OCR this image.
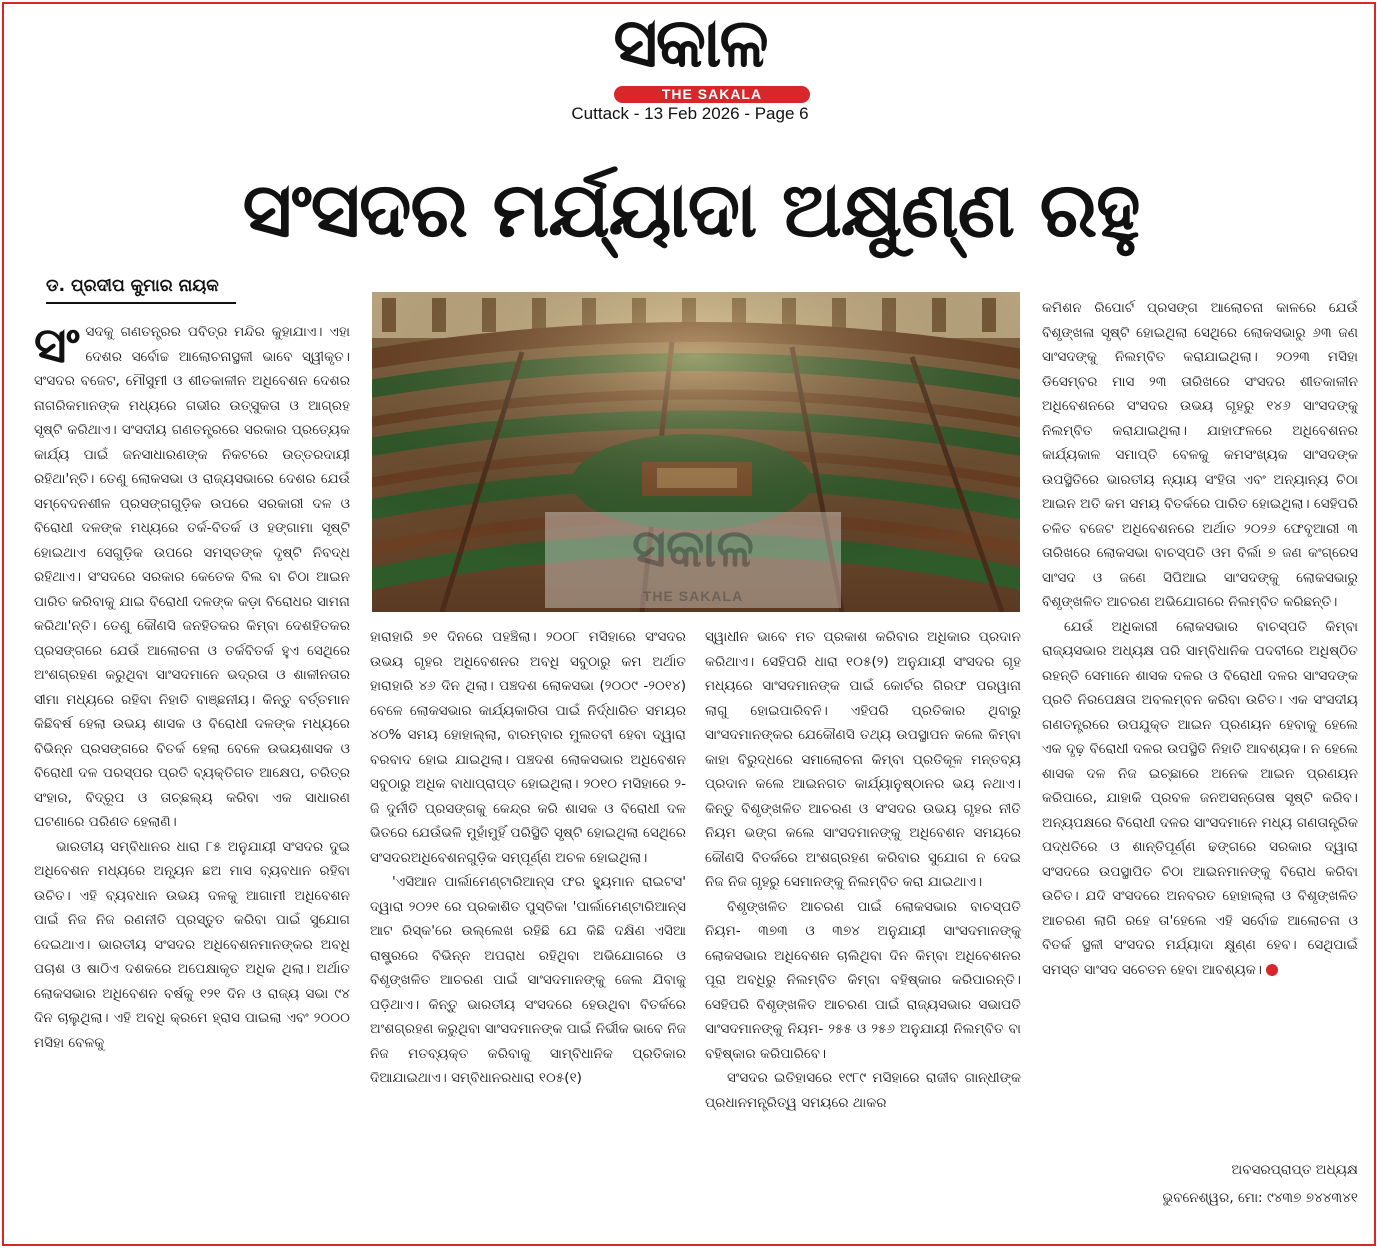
ସକାଳ
THE SAKALA
Cuttack - 13 Feb 2026 - Page 6
ସଂସଦର ମର୍ଯ୍ୟାଦା ଅକ୍ଷୁଣ୍ଣ ରହୁ
ଡ. ପ୍ରଦୀପ କୁମାର ନାୟକ

ସଂସଦକୁ ଗଣତନ୍ତ୍ରର ପବିତ୍ର ମନ୍ଦିର କୁହାଯାଏ। ଏହା ଦେଶର ସର୍ବୋଚ୍ଚ ଆଲୋଚନାସ୍ଥଳୀ ଭାବେ ସ୍ୱୀକୃତ। ସଂସଦର ବଜେଟ, ମୌସୁମୀ ଓ ଶୀତକାଳୀନ ଅଧିବେଶନ ଦେଶର ନାଗରିକମାନଙ୍କ ମଧ୍ୟରେ ଗଭୀର ଉତ୍ସୁକତା ଓ ଆଗ୍ରହ ସୃଷ୍ଟି କରିଥାଏ। ସଂସଦୀୟ ଗଣତନ୍ତ୍ରରେ ସରକାର ପ୍ରତ୍ୟେକ କାର୍ଯ୍ୟ ପାଇଁ ଜନସାଧାରଣଙ୍କ ନିକଟରେ ଉତ୍ତରଦାୟୀ ରହିଥା'ନ୍ତି। ତେଣୁ ଲୋକସଭା ଓ ରାଜ୍ୟସଭାରେ ଦେଶର ଯେଉଁ ସମ୍ବେଦନଶୀଳ ପ୍ରସଙ୍ଗଗୁଡ଼ିକ ଉପରେ ସରକାରୀ ଦଳ ଓ ବିରୋଧୀ ଦଳଙ୍କ ମଧ୍ୟରେ ତର୍କ-ବିତର୍କ ଓ ହଙ୍ଗାମା ସୃଷ୍ଟି ହୋଇଥାଏ ସେଗୁଡ଼ିକ ଉପରେ ସମସ୍ତଙ୍କ ଦୃଷ୍ଟି ନିବଦ୍ଧ ରହିଥାଏ। ସଂସଦରେ ସରକାର କେତେକ ବିଲ ବା ଚିଠା ଆଇନ ପାରିତ କରିବାକୁ ଯାଇ ବିରୋଧୀ ଦଳଙ୍କ କଡ଼ା ବିରୋଧର ସାମନା କରିଥା'ନ୍ତି। ତେଣୁ କୌଣସି ଜନହିତକର କିମ୍ବା ଦେଶହିତକର ପ୍ରସଙ୍ଗରେ ଯେଉଁ ଆଲୋଚନା ଓ ତର୍କବିତର୍କ ହୁଏ ସେଥିରେ ଅଂଶଗ୍ରହଣ କରୁଥିବା ସାଂସଦମାନେ ଭଦ୍ରତା ଓ ଶାଳୀନତାର ସୀମା ମଧ୍ୟରେ ରହିବା ନିହାତି ବାଞ୍ଛନୀୟ। କିନ୍ତୁ ବର୍ତ୍ତମାନ କିଛିବର୍ଷ ହେଲା ଉଭୟ ଶାସକ ଓ ବିରୋଧୀ ଦଳଙ୍କ ମଧ୍ୟରେ ବିଭିନ୍ନ ପ୍ରସଙ୍ଗରେ ବିତର୍କ ହେଲା ବେଳେ ଉଭୟଶାସକ ଓ ବିରୋଧୀ ଦଳ ପରସ୍ପର ପ୍ରତି ବ୍ୟକ୍ତିଗତ ଆକ୍ଷେପ, ଚରିତ୍ର ସଂହାର, ବିଦ୍ରୂପ ଓ ତାଚ୍ଛଲ୍ୟ କରିବା ଏକ ସାଧାରଣ ଘଟଣାରେ ପରିଣତ ହେଲାଣି।

ଭାରତୀୟ ସମ୍ବିଧାନର ଧାରା ୮୫ ଅନୁଯାୟୀ ସଂସଦର ଦୁଇ ଅଧିବେଶନ ମଧ୍ୟରେ ଅନ୍ୟୂନ ଛଅ ମାସ ବ୍ୟବଧାନ ରହିବା ଉଚିତ। ଏହି ବ୍ୟବଧାନ ଉଭୟ ଦଳକୁ ଆଗାମୀ ଅଧିବେଶନ ପାଇଁ ନିଜ ନିଜ ରଣନୀତି ପ୍ରସ୍ତୁତ କରିବା ପାଇଁ ସୁଯୋଗ ଦେଇଥାଏ। ଭାରତୀୟ ସଂସଦର ଅଧିବେଶନମାନଙ୍କର ଅବଧି ପଚାଶ ଓ ଷାଠିଏ ଦଶକରେ ଅପେକ୍ଷାକୃତ ଅଧିକ ଥିଲା। ଅର୍ଥାତ ଲୋକସଭାର ଅଧିବେଶନ ବର୍ଷକୁ ୧୨୧ ଦିନ ଓ ରାଜ୍ୟ ସଭା ୯୪ ଦିନ ଚାଲୁଥିଲା। ଏହି ଅବଧି କ୍ରମେ ହ୍ରାସ ପାଇଲା ଏବଂ ୨୦୦୦ ମସିହା ବେଳକୁ

ସକାଳ
THE SAKALA

ହାରାହାରି ୭୧ ଦିନରେ ପହଞ୍ଚିଲା। ୨୦୦୮ ମସିହାରେ ସଂସଦର ଉଭୟ ଗୃହର ଅଧିବେଶନର ଅବଧି ସବୁଠାରୁ କମ ଅର୍ଥାତ ହାରାହାରି ୪୬ ଦିନ ଥିଲା। ପଞ୍ଚଦଶ ଲୋକସଭା (୨୦୦୯ -୨୦୧୪) ବେଳେ ଲୋକସଭାର କାର୍ଯ୍ୟକାରିତା ପାଇଁ ନିର୍ଦ୍ଧାରିତ ସମୟର ୪୦% ସମୟ ହୋହାଲ୍ଲା, ବାରମ୍ବାର ମୁଲତବୀ ହେବା ଦ୍ୱାରା ବରବାଦ ହୋଇ ଯାଇଥିଲା। ପଞ୍ଚଦଶ ଲୋକସଭାର ଅଧିବେଶନ ସବୁଠାରୁ ଅଧିକ ବାଧାପ୍ରାପ୍ତ ହୋଇଥିଲା। ୨୦୧୦ ମସିହାରେ ୨-ଜି ଦୁର୍ନୀତି ପ୍ରସଙ୍ଗକୁ କେନ୍ଦ୍ର କରି ଶାସକ ଓ ବିରୋଧୀ ଦଳ ଭିତରେ ଯେଉଁଭଳି ମୁହାଁମୁହିଁ ପରିସ୍ଥିତି ସୃଷ୍ଟି ହୋଇଥିଲା ସେଥିରେ ସଂସଦରଅଧିବେଶନଗୁଡ଼ିକ ସମ୍ପୂର୍ଣ୍ଣ ଅଚଳ ହୋଇଥିଲା।

'ଏସିଆନ ପାର୍ଲାମେଣ୍ଟାରିଆନ୍ସ ଫର ହ୍ୟୁମାନ ରାଇଟସ' ଦ୍ୱାରା ୨୦୨୧ ରେ ପ୍ରକାଶିତ ପୁସ୍ତିକା 'ପାର୍ଲାମେଣ୍ଟାରିଆନ୍ସ ଆଟ ରିସ୍କ'ରେ ଉଲ୍ଲେଖ ରହିଛି ଯେ କିଛି ଦକ୍ଷିଣ ଏସିଆ ରାଷ୍ଟ୍ରରେ ବିଭିନ୍ନ ଅପରାଧ ରହିଥିବା ଅଭିଯୋଗରେ ଓ ବିଶୃଙ୍ଖଳିତ ଆଚରଣ ପାଇଁ ସାଂସଦମାନଙ୍କୁ ଜେଲ ଯିବାକୁ ପଡ଼ିଥାଏ। କିନ୍ତୁ ଭାରତୀୟ ସଂସଦରେ ହେଉଥିବା ବିତର୍କରେ ଅଂଶଗ୍ରହଣ କରୁଥିବା ସାଂସଦମାନଙ୍କ ପାଇଁ ନିର୍ଭୀକ ଭାବେ ନିଜ ନିଜ ମତବ୍ୟକ୍ତ କରିବାକୁ ସାମ୍ବିଧାନିକ ପ୍ରତିକାର ଦିଆଯାଇଥାଏ। ସମ୍ବିଧାନରଧାରା ୧୦୫(୧)

ସ୍ୱାଧୀନ ଭାବେ ମତ ପ୍ରକାଶ କରିବାର ଅଧିକାର ପ୍ରଦାନ କରିଥାଏ। ସେହିପରି ଧାରା ୧୦୫(୨) ଅନୁଯାୟୀ ସଂସଦର ଗୃହ ମଧ୍ୟରେ ସାଂସଦମାନଙ୍କ ପାଇଁ କୋର୍ଟର ଗିରଫ ପରୱାନା ଲାଗୁ ହୋଇପାରିବନି। ଏହିପରି ପ୍ରତିକାର ଥିବାରୁ ସାଂସଦମାନଙ୍କର ଯେକୌଣସି ତଥ୍ୟ ଉପସ୍ଥାପନ କଲେ କିମ୍ବା କାହା ବିରୁଦ୍ଧରେ ସମାଲୋଚନା କିମ୍ବା ପ୍ରତିକୂଳ ମନ୍ତବ୍ୟ ପ୍ରଦାନ କଲେ ଆଇନଗତ କାର୍ଯ୍ୟାନୁଷ୍ଠାନର ଭୟ ନଥାଏ। କିନ୍ତୁ ବିଶୃଙ୍ଖଳିତ ଆଚରଣ ଓ ସଂସଦର ଉଭୟ ଗୃହର ନୀତି ନିୟମ ଭଙ୍ଗ କଲେ ସାଂସଦମାନଙ୍କୁ ଅଧିବେଶନ ସମୟରେ କୌଣସି ବିତର୍କରେ ଅଂଶଗ୍ରହଣ କରିବାର ସୁଯୋଗ ନ ଦେଇ ନିଜ ନିଜ ଗୃହରୁ ସେମାନଙ୍କୁ ନିଲମ୍ବିତ କରା ଯାଇଥାଏ।

ବିଶୃଙ୍ଖଳିତ ଆଚରଣ ପାଇଁ ଲୋକସଭାର ବାଚସ୍ପତି ନିୟମ- ୩୭୩ ଓ ୩୭୪ ଅନୁଯାୟୀ ସାଂସଦମାନଙ୍କୁ ଲୋକସଭାର ଅଧିବେଶନ ଚାଲିଥିବା ଦିନ କିମ୍ବା ଅଧିବେଶନର ପୂରା ଅବଧିରୁ ନିଲମ୍ବିତ କିମ୍ବା ବହିଷ୍କାର କରିପାରନ୍ତି। ସେହିପରି ବିଶୃଙ୍ଖଳିତ ଆଚରଣ ପାଇଁ ରାଜ୍ୟସଭାର ସଭାପତି ସାଂସଦମାନଙ୍କୁ ନିୟମ- ୨୫୫ ଓ ୨୫୬ ଅନୁଯାୟୀ ନିଲମ୍ବିତ ବା ବହିଷ୍କାର କରିପାରିବେ।

ସଂସଦର ଇତିହାସରେ ୧୯୮୯ ମସିହାରେ ରାଜୀବ ଗାନ୍ଧୀଙ୍କ ପ୍ରଧାନମନ୍ତ୍ରିତ୍ୱ ସମୟରେ ଥାକର

କମିଶନ ରିପୋର୍ଟ ପ୍ରସଙ୍ଗ ଆଲୋଚନା କାଳରେ ଯେଉଁ ବିଶୃଙ୍ଖଳା ସୃଷ୍ଟି ହୋଇଥିଲା ସେଥିରେ ଲୋକସଭାରୁ ୬୩ ଜଣ ସାଂସଦଙ୍କୁ ନିଲମ୍ବିତ କରାଯାଇଥିଲା। ୨୦୨୩ ମସିହା ଡିସେମ୍ବର ମାସ ୨୩ ତାରିଖରେ ସଂସଦର ଶୀତକାଳୀନ ଅଧିବେଶନରେ ସଂସଦର ଉଭୟ ଗୃହରୁ ୧୪୬ ସାଂସଦଙ୍କୁ ନିଲମ୍ବିତ କରାଯାଇଥିଲା। ଯାହାଫଳରେ ଅଧିବେଶନର କାର୍ଯ୍ୟକାଳ ସମାପ୍ତି ବେଳକୁ କମସଂଖ୍ୟକ ସାଂସଦଙ୍କ ଉପସ୍ଥିତିରେ ଭାରତୀୟ ନ୍ୟାୟ ସଂହିତା ଏବଂ ଅନ୍ୟାନ୍ୟ ଚିଠା ଆଇନ ଅତି କମ ସମୟ ବିତର୍କରେ ପାରିତ ହୋଇଥିଲା। ସେହିପରି ଚଳିତ ବଜେଟ ଅଧିବେଶନରେ ଅର୍ଥାତ ୨୦୨୬ ଫେବୃଆରୀ ୩ ତାରିଖରେ ଲୋକସଭା ବାଚସ୍ପତି ଓମ ବିର୍ଲା ୭ ଜଣ କଂଗ୍ରେସ ସାଂସଦ ଓ ଜଣେ ସିପିଆଇ ସାଂସଦଙ୍କୁ ଲୋକସଭାରୁ ବିଶୃଙ୍ଖଳିତ ଆଚରଣ ଅଭିଯୋଗରେ ନିଲମ୍ବିତ କରିଛନ୍ତି।

ଯେଉଁ ଅଧିକାରୀ ଲୋକସଭାର ବାଚସ୍ପତି କିମ୍ବା ରାଜ୍ୟସଭାର ଅଧ୍ୟକ୍ଷ ପରି ସାମ୍ବିଧାନିକ ପଦବୀରେ ଅଧିଷ୍ଠିତ ରହନ୍ତି ସେମାନେ ଶାସକ ଦଳର ଓ ବିରୋଧୀ ଦଳର ସାଂସଦଙ୍କ ପ୍ରତି ନିରପେକ୍ଷତା ଅବଲମ୍ବନ କରିବା ଉଚିତ। ଏକ ସଂସଦୀୟ ଗଣତନ୍ତ୍ରରେ ଉପଯୁକ୍ତ ଆଇନ ପ୍ରଣୟନ ହେବାକୁ ହେଲେ ଏକ ଦୃଢ଼ ବିରୋଧୀ ଦଳର ଉପସ୍ଥିତି ନିହାତି ଆବଶ୍ୟକ। ନ ହେଲେ ଶାସକ ଦଳ ନିଜ ଇଚ୍ଛାରେ ଅନେକ ଆଇନ ପ୍ରଣୟନ କରିପାରେ, ଯାହାକି ପ୍ରବଳ ଜନଅସନ୍ତୋଷ ସୃଷ୍ଟି କରିବ। ଅନ୍ୟପକ୍ଷରେ ବିରୋଧୀ ଦଳର ସାଂସଦମାନେ ମଧ୍ୟ ଗଣତାନ୍ତ୍ରିକ ପଦ୍ଧତିରେ ଓ ଶାନ୍ତିପୂର୍ଣ୍ଣ ଢଙ୍ଗରେ ସରକାର ଦ୍ୱାରା ସଂସଦରେ ଉପସ୍ଥାପିତ ଚିଠା ଆଇନମାନଙ୍କୁ ବିରୋଧ କରିବା ଉଚିତ। ଯଦି ସଂସଦରେ ଅନବରତ ହୋହାଲ୍ଲା ଓ ବିଶୃଙ୍ଖଳିତ ଆଚରଣ ଲାଗି ରହେ ତା'ହେଲେ ଏହି ସର୍ବୋଚ୍ଚ ଆଲୋଚନା ଓ ବିତର୍କ ସ୍ଥଳୀ ସଂସଦର ମର୍ଯ୍ୟାଦା କ୍ଷୁଣ୍ଣ ହେବ। ସେଥିପାଇଁ ସମସ୍ତ ସାଂସଦ ସଚେତନ ହେବା ଆବଶ୍ୟକ।

ଅବସରପ୍ରାପ୍ତ ଅଧ୍ୟକ୍ଷ
ଭୁବନେଶ୍ୱର, ମୋ: ୯୪୩୭ ୭୪୪୩୪୧
